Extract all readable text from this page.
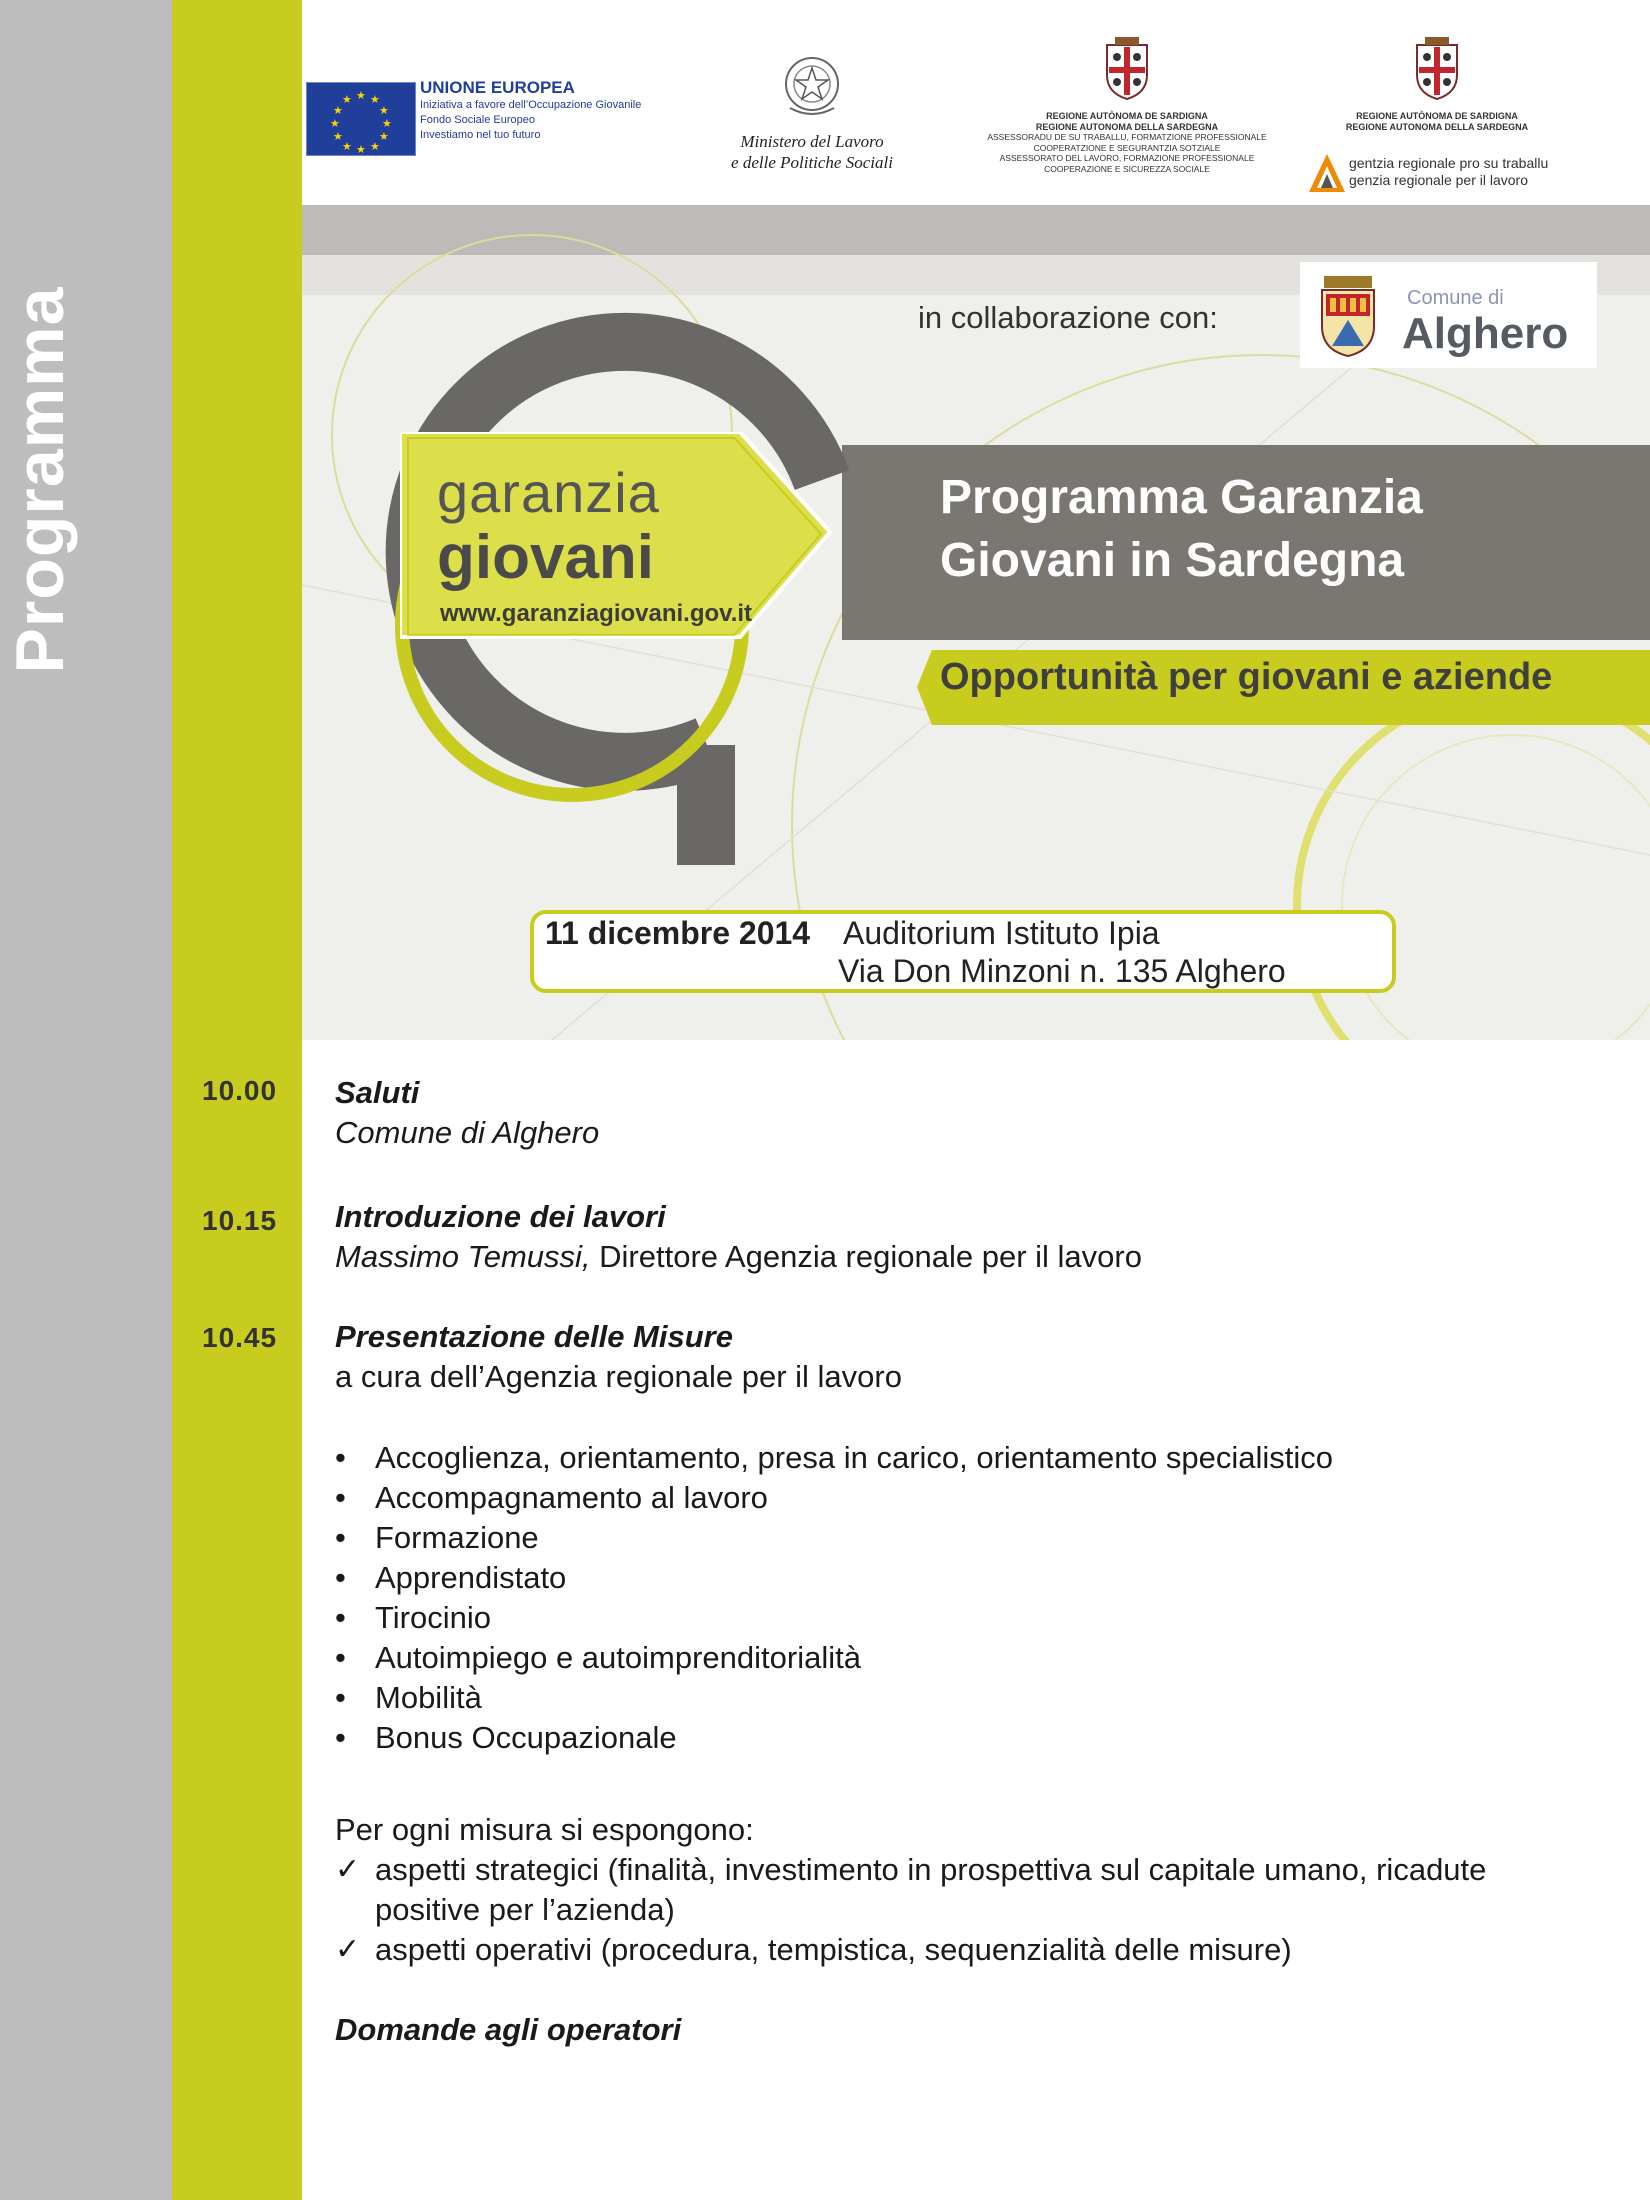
Programma
★ ★
★
★
★
★
★
★
★
★
★
★
UNIONE EUROPEA
Iniziativa a favore dell’Occupazione Giovanile
Fondo Sociale Europeo
Investiamo nel tuo futuro	Ministero del Lavoro
e delle Politiche Sociali
REGIONE AUTÒNOMA DE SARDIGNA
REGIONE AUTONOMA DELLA SARDEGNA
ASSESSORADU DE SU TRABALLU, FORMATZIONE PROFESSIONALE
COOPERATZIONE E SEGURANTZIA SOTZIALE
ASSESSORATO DEL LAVORO, FORMAZIONE PROFESSIONALE
COOPERAZIONE E SICUREZZA SOCIALE
REGIONE AUTÒNOMA DE SARDIGNA
REGIONE AUTONOMA DELLA SARDEGNA
gentzia regionale pro su traballu
genzia regionale per il lavoro
in collaborazione con:
Comune di
Alghero
garanzia
giovani
www.garanziagiovani.gov.it
Programma Garanzia
Giovani in Sardegna
Opportunità per giovani e aziende
11 dicembre 2014 Auditorium Istituto Ipia
Via Don Minzoni n. 135 Alghero
10.00 Saluti
Comune di Alghero
10.15 Introduzione dei lavori
Massimo Temussi, Direttore Agenzia regionale per il lavoro
10.45 Presentazione delle Misure
a cura dell’Agenzia regionale per il lavoro
• Accoglienza, orientamento, presa in carico, orientamento specialistico
• Accompagnamento al lavoro
• Formazione
• Apprendistato
• Tirocinio
• Autoimpiego e autoimprenditorialità
• Mobilità
• Bonus Occupazionale
Per ogni misura si espongono:
✓ aspetti strategici (finalità, investimento in prospettiva sul capitale umano, ricadute
positive per l’azienda)
✓ aspetti operativi (procedura, tempistica, sequenzialità delle misure)
Domande agli operatori
